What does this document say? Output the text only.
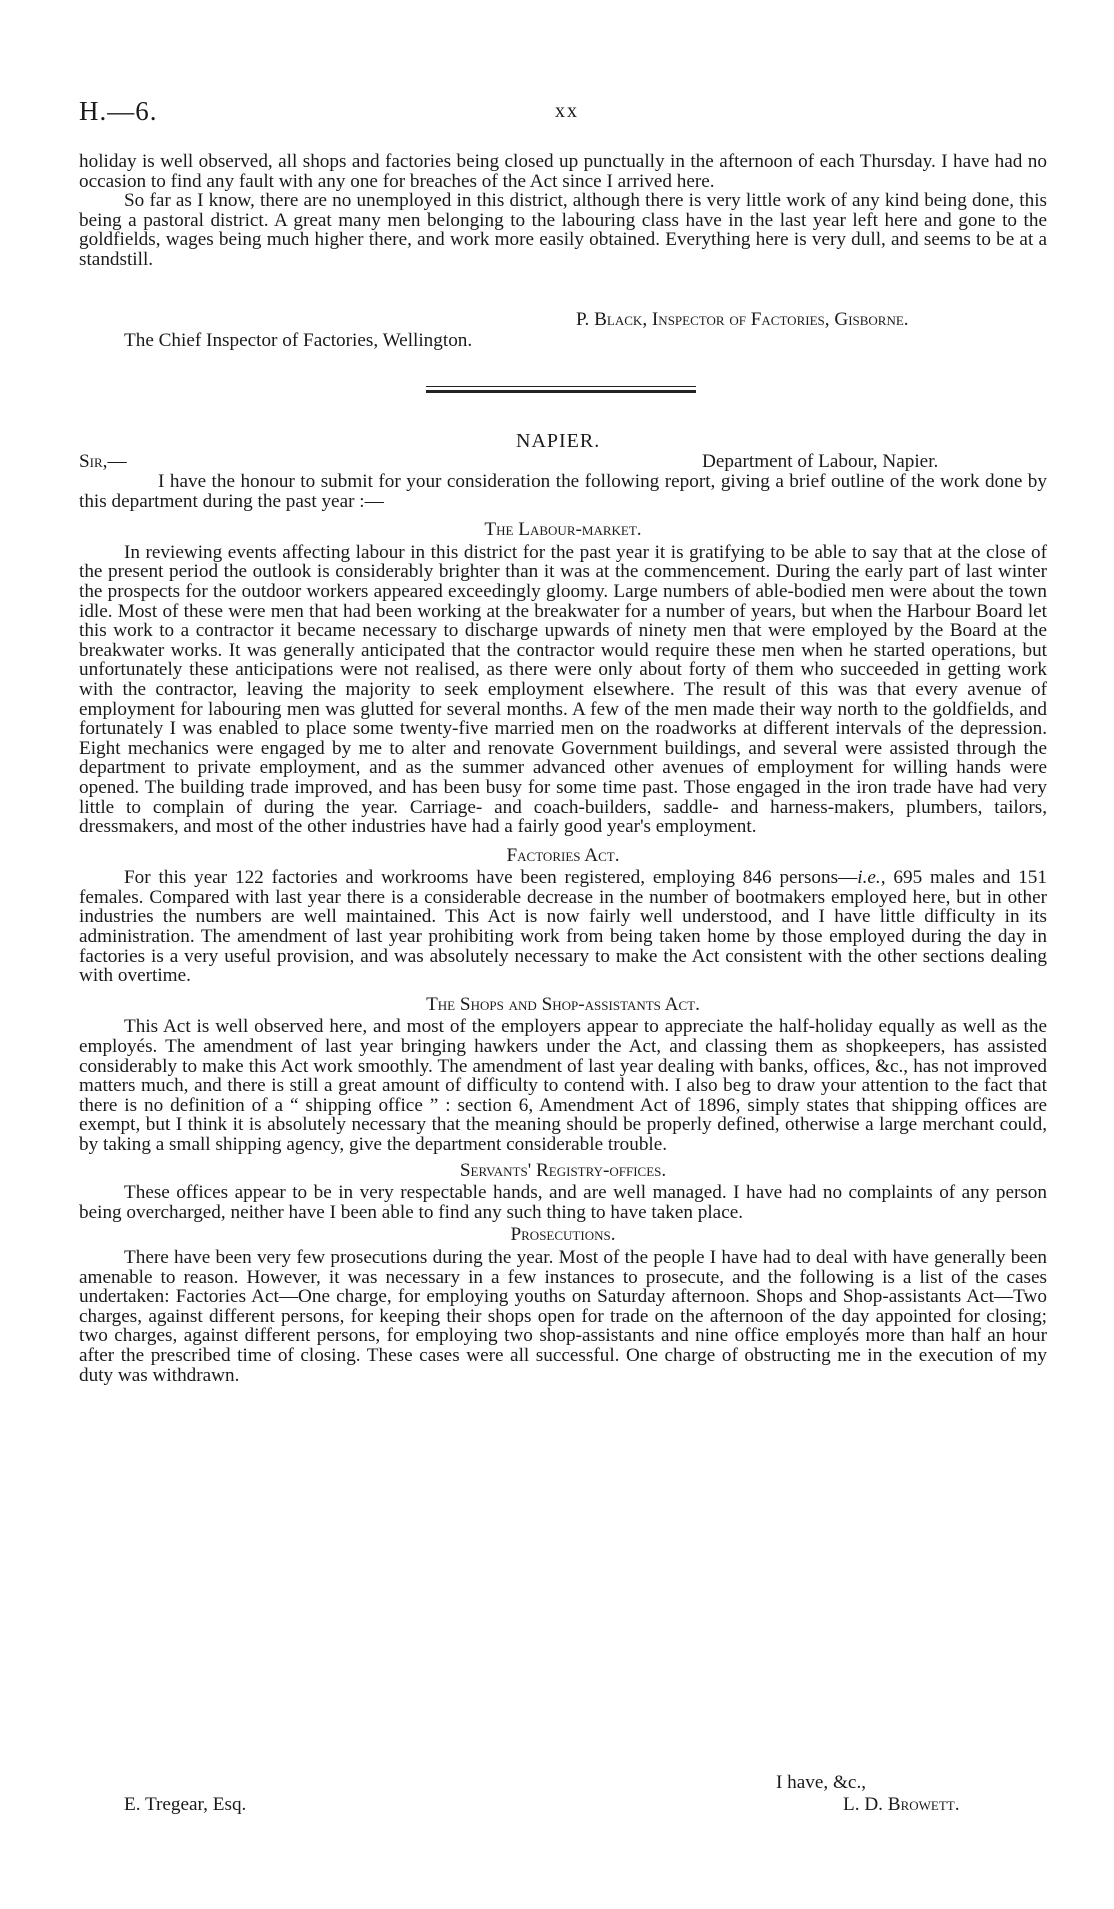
H.—6.	xx

holiday is well observed, all shops and factories being closed up punctually in the afternoon of each Thursday. I have had no occasion to find any fault with any one for breaches of the Act since I arrived here.

So far as I know, there are no unemployed in this district, although there is very little work of any kind being done, this being a pastoral district. A great many men belonging to the labouring class have in the last year left here and gone to the goldfields, wages being much higher there, and work more easily obtained. Everything here is very dull, and seems to be at a standstill.

P. Black, Inspector of Factories, Gisborne.
The Chief Inspector of Factories, Wellington.
NAPIER.
Sir,—	Department of Labour, Napier.

I have the honour to submit for your consideration the following report, giving a brief outline of the work done by this department during the past year :—

The Labour-market.

In reviewing events affecting labour in this district for the past year it is gratifying to be able to say that at the close of the present period the outlook is considerably brighter than it was at the commencement. During the early part of last winter the prospects for the outdoor workers appeared exceedingly gloomy. Large numbers of able-bodied men were about the town idle. Most of these were men that had been working at the breakwater for a number of years, but when the Harbour Board let this work to a contractor it became necessary to discharge upwards of ninety men that were employed by the Board at the breakwater works. It was generally anticipated that the contractor would require these men when he started operations, but unfortunately these anticipations were not realised, as there were only about forty of them who succeeded in getting work with the contractor, leaving the majority to seek employment elsewhere. The result of this was that every avenue of employment for labouring men was glutted for several months. A few of the men made their way north to the goldfields, and fortunately I was enabled to place some twenty-five married men on the roadworks at different intervals of the depression. Eight mechanics were engaged by me to alter and renovate Government buildings, and several were assisted through the department to private employment, and as the summer advanced other avenues of employment for willing hands were opened. The building trade improved, and has been busy for some time past. Those engaged in the iron trade have had very little to complain of during the year. Carriage- and coach-builders, saddle- and harness-makers, plumbers, tailors, dressmakers, and most of the other industries have had a fairly good year's employment.

Factories Act.

For this year 122 factories and workrooms have been registered, employing 846 persons—i.e., 695 males and 151 females. Compared with last year there is a considerable decrease in the number of bootmakers employed here, but in other industries the numbers are well maintained. This Act is now fairly well understood, and I have little difficulty in its administration. The amendment of last year prohibiting work from being taken home by those employed during the day in factories is a very useful provision, and was absolutely necessary to make the Act consistent with the other sections dealing with overtime.

The Shops and Shop-assistants Act.

This Act is well observed here, and most of the employers appear to appreciate the half-holiday equally as well as the employés. The amendment of last year bringing hawkers under the Act, and classing them as shopkeepers, has assisted considerably to make this Act work smoothly. The amendment of last year dealing with banks, offices, &c., has not improved matters much, and there is still a great amount of difficulty to contend with. I also beg to draw your attention to the fact that there is no definition of a “ shipping office ” : section 6, Amendment Act of 1896, simply states that shipping offices are exempt, but I think it is absolutely necessary that the meaning should be properly defined, otherwise a large merchant could, by taking a small shipping agency, give the department considerable trouble.

Servants' Registry-offices.

These offices appear to be in very respectable hands, and are well managed. I have had no complaints of any person being overcharged, neither have I been able to find any such thing to have taken place.

Prosecutions.

There have been very few prosecutions during the year. Most of the people I have had to deal with have generally been amenable to reason. However, it was necessary in a few instances to prosecute, and the following is a list of the cases undertaken: Factories Act—One charge, for employing youths on Saturday afternoon. Shops and Shop-assistants Act—Two charges, against different persons, for keeping their shops open for trade on the afternoon of the day appointed for closing; two charges, against different persons, for employing two shop-assistants and nine office employés more than half an hour after the prescribed time of closing. These cases were all successful. One charge of obstructing me in the execution of my duty was withdrawn.

I have, &c.,
E. Tregear, Esq.	L. D. Browett.
